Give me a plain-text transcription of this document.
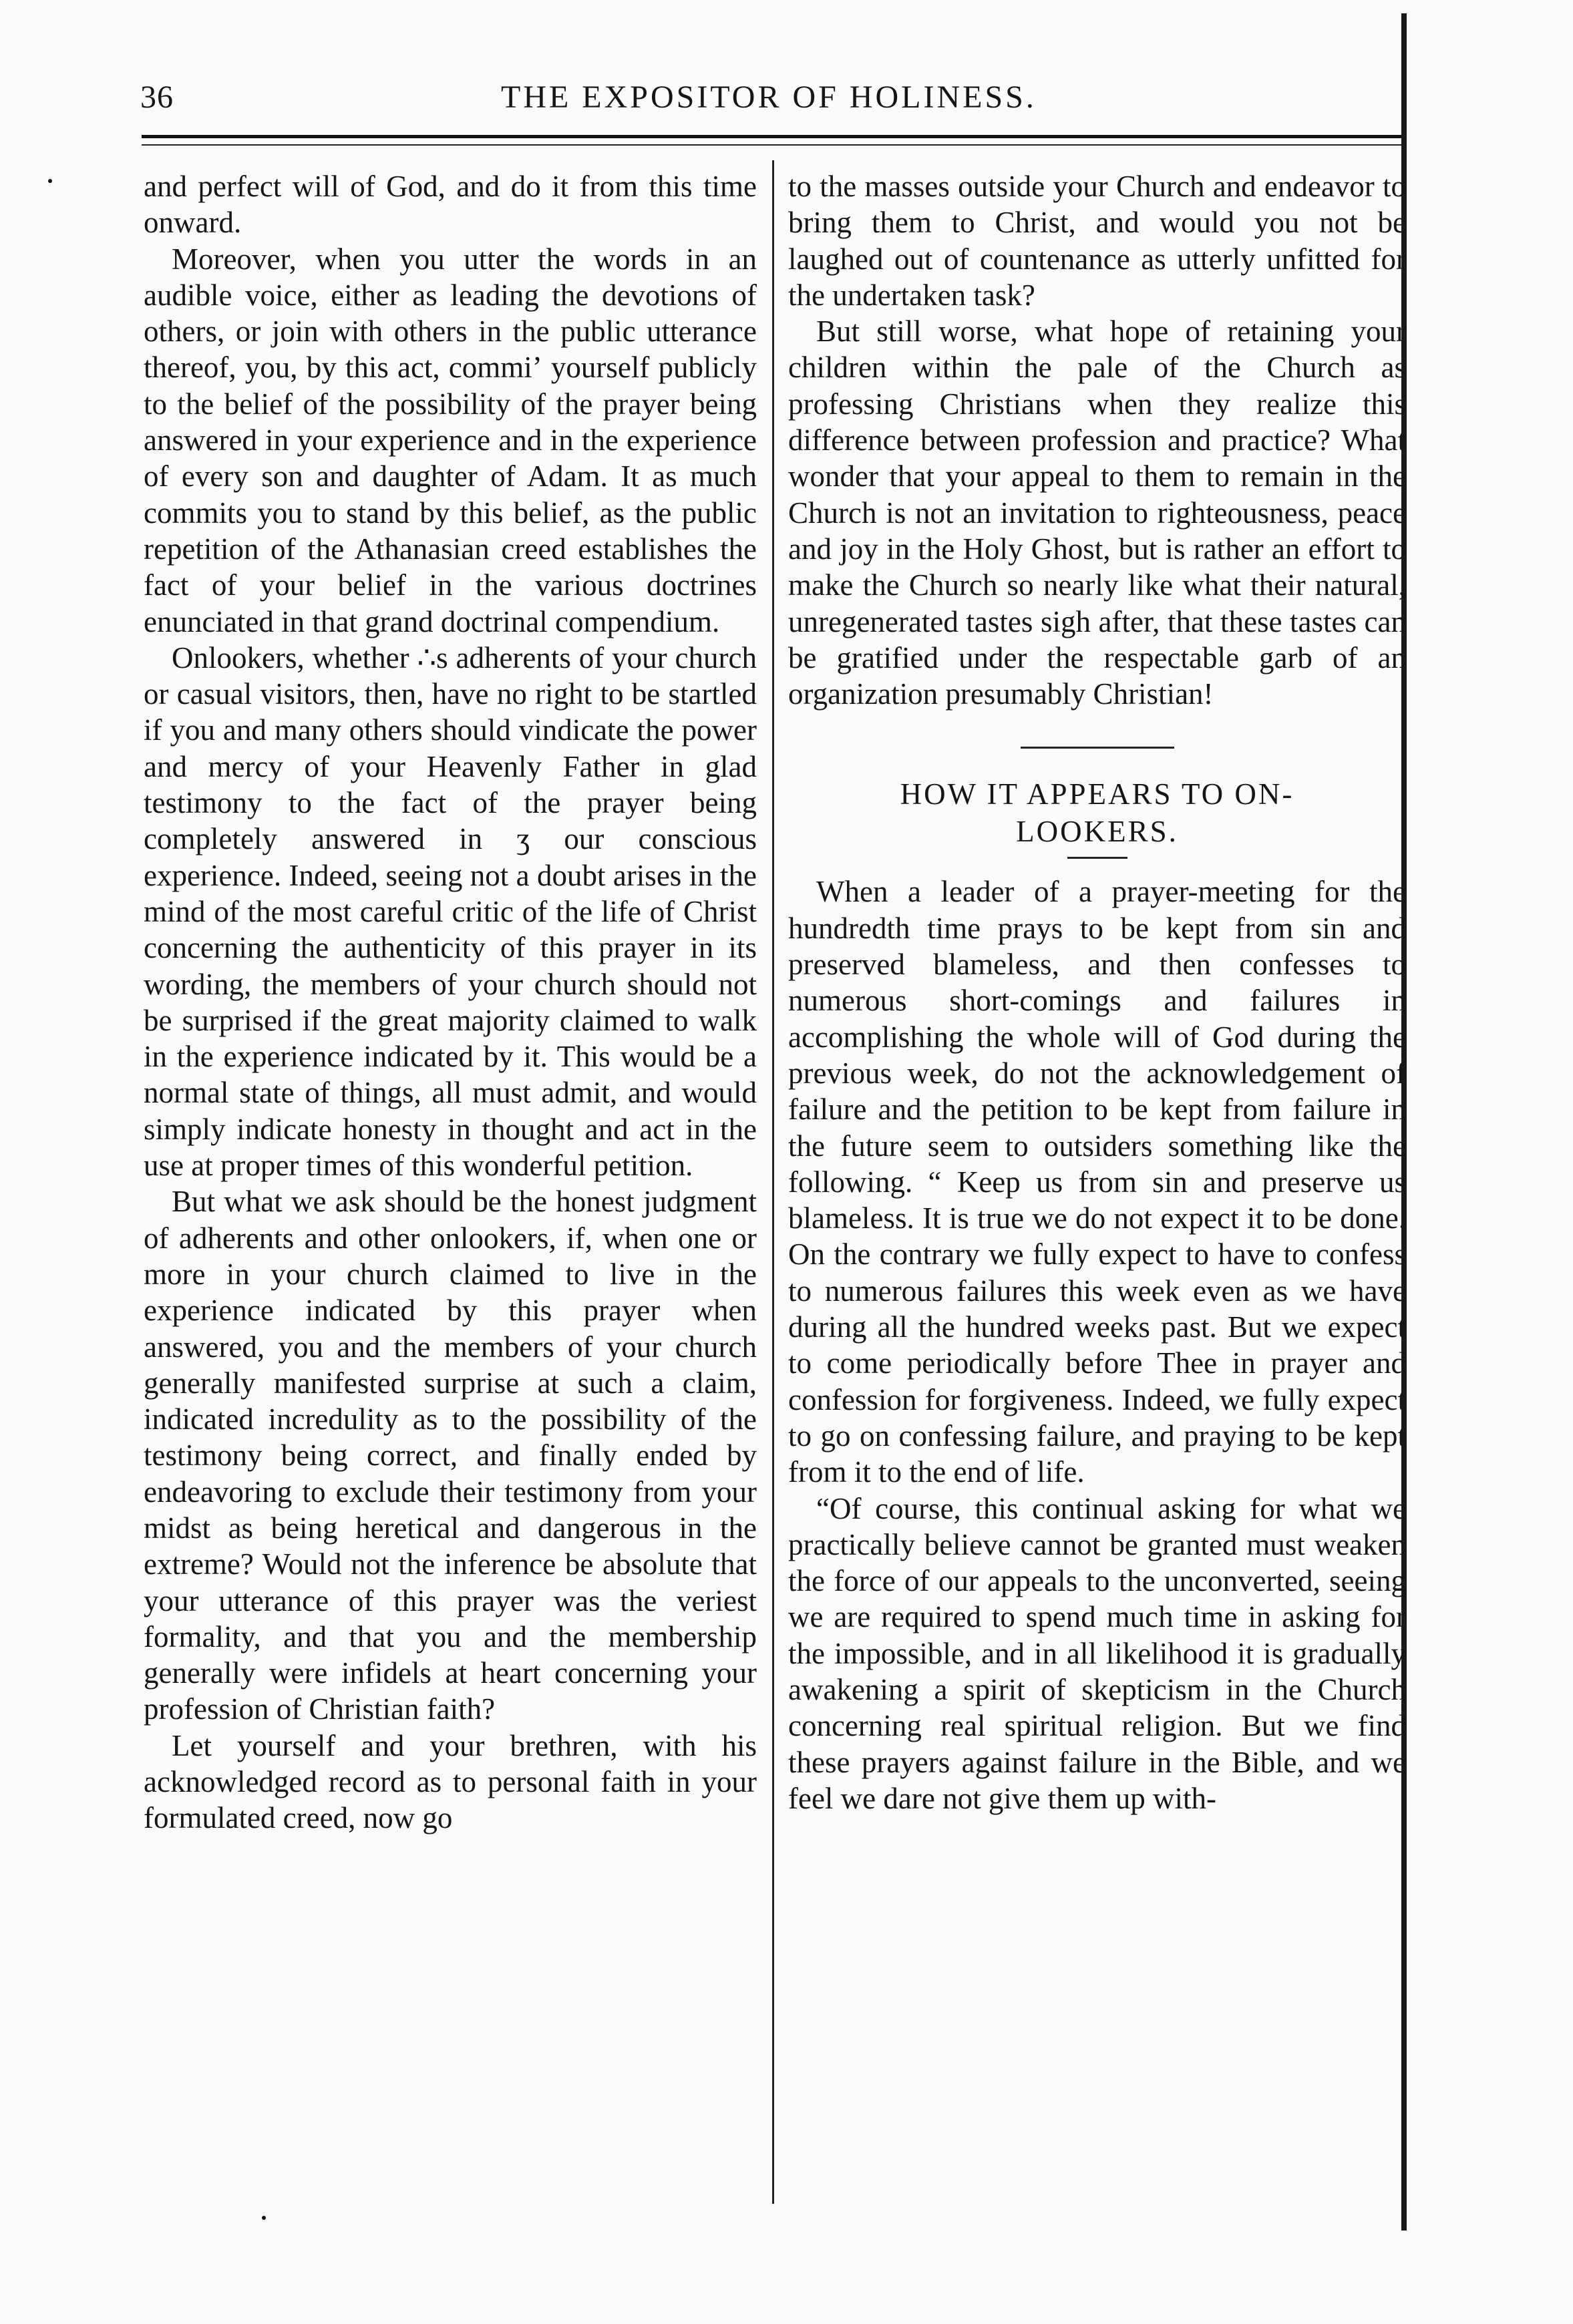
36	THE EXPOSITOR OF HOLINESS.

and perfect will of God, and do it from this time onward.

Moreover, when you utter the words in an audible voice, either as leading the devotions of others, or join with others in the public utterance thereof, you, by this act, commiʼ yourself publicly to the belief of the possibility of the prayer being answered in your experience and in the experience of every son and daughter of Adam. It as much commits you to stand by this belief, as the public repetition of the Athanasian creed establishes the fact of your belief in the various doctrines enunciated in that grand doctrinal compendium.

Onlookers, whether ∴s adherents of your church or casual visitors, then, have no right to be startled if you and many others should vindicate the power and mercy of your Heavenly Father in glad testimony to the fact of the prayer being completely answered in ʒ our conscious experience. Indeed, seeing not a doubt arises in the mind of the most careful critic of the life of Christ concerning the authenticity of this prayer in its wording, the members of your church should not be surprised if the great majority claimed to walk in the experience indicated by it. This would be a normal state of things, all must admit, and would simply indicate honesty in thought and act in the use at proper times of this wonderful petition.

But what we ask should be the honest judgment of adherents and other onlookers, if, when one or more in your church claimed to live in the experience indicated by this prayer when answered, you and the members of your church generally manifested surprise at such a claim, indicated incredulity as to the possibility of the testimony being correct, and finally ended by endeavoring to exclude their testimony from your midst as being heretical and dangerous in the extreme? Would not the inference be absolute that your utterance of this prayer was the veriest formality, and that you and the membership generally were infidels at heart concerning your profession of Christian faith?

Let yourself and your brethren, with his acknowledged record as to personal faith in your formulated creed, now go

to the masses outside your Church and endeavor to bring them to Christ, and would you not be laughed out of countenance as utterly unfitted for the undertaken task?

But still worse, what hope of retaining your children within the pale of the Church as professing Christians when they realize this difference between profession and practice? What wonder that your appeal to them to remain in the Church is not an invitation to righteousness, peace and joy in the Holy Ghost, but is rather an effort to make the Church so nearly like what their natural, unregenerated tastes sigh after, that these tastes can be gratified under the respectable garb of an organization presumably Christian!

HOW IT APPEARS TO ON-
LOOKERS.

When a leader of a prayer-meeting for the hundredth time prays to be kept from sin and preserved blameless, and then confesses to numerous short-comings and failures in accomplishing the whole will of God during the previous week, do not the acknowledgement of failure and the petition to be kept from failure in the future seem to outsiders something like the following. “ Keep us from sin and preserve us blameless. It is true we do not expect it to be done. On the contrary we fully expect to have to confess to numerous failures this week even as we have during all the hundred weeks past. But we expect to come periodically before Thee in prayer and confession for forgiveness. Indeed, we fully expect to go on confessing failure, and praying to be kept from it to the end of life.

“Of course, this continual asking for what we practically believe cannot be granted must weaken the force of our appeals to the unconverted, seeing we are required to spend much time in asking for the impossible, and in all likelihood it is gradually awakening a spirit of skepticism in the Church concerning real spiritual religion. But we find these prayers against failure in the Bible, and we feel we dare not give them up with-
